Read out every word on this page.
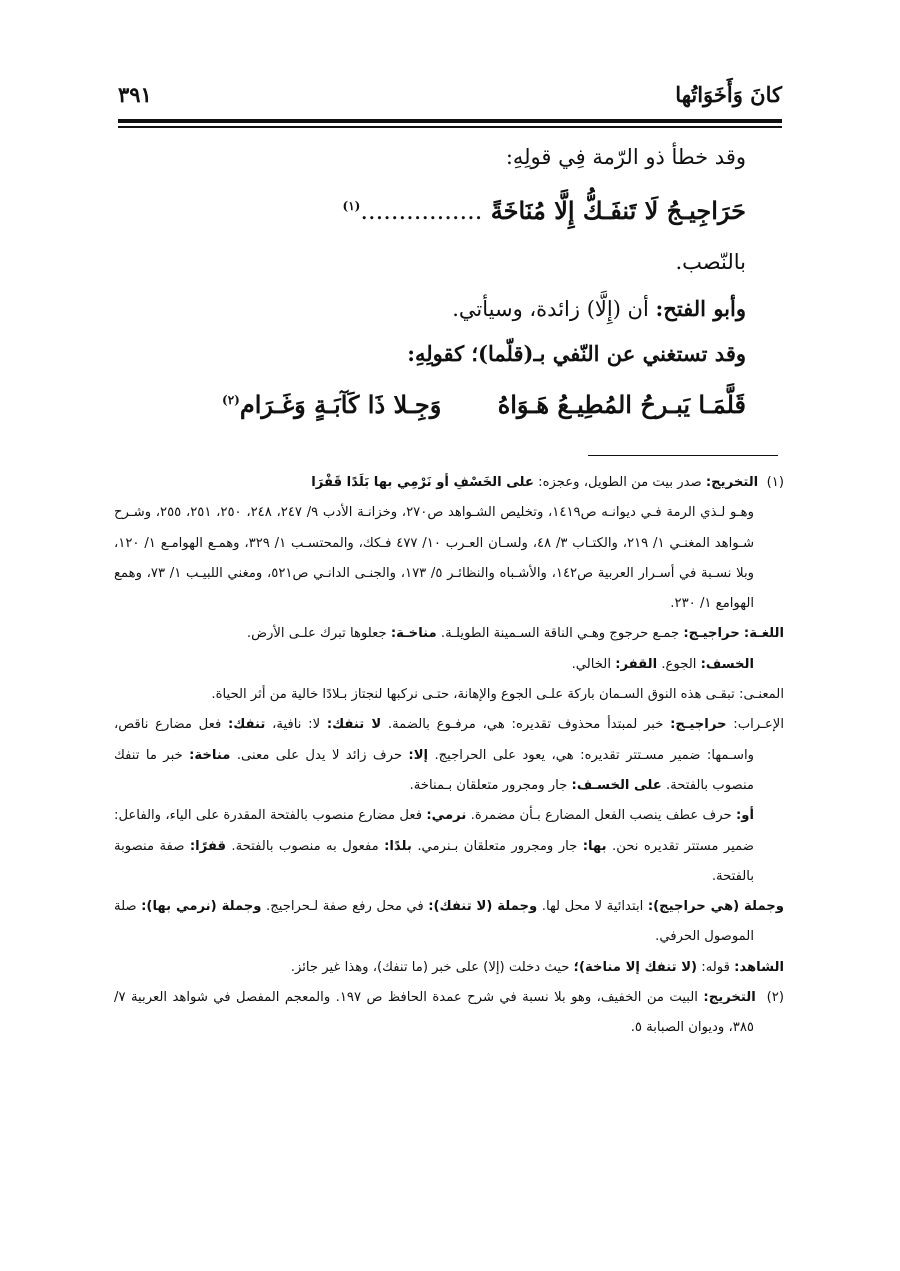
كانَ وَأَخَوَاتُها
٣٩١
وقد خطأ ذو الرّمة فِي قولِهِ:
حَرَاجِيـجُ لَا تَنفَـكُّ إِلَّا مُنَاخَةً ................$^{(١)}$
بالنّصب.
وأبو الفتح: أن (إِلَّا) زائدة، وسيأتي.
وقد تستغني عن النّفي بـ(قلّما)؛ كقولِهِ:
قَلَّمَـا يَبـرحُ المُطِيـعُ هَـوَاهُ
وَجِـلا ذَا كَآبَـةٍ وَغَـرَام$^{(٢)}$

(١)  التخريج: صدر بيت من الطويل، وعجزه: على الخَسْفِ أو نَرْمِي بها بَلَدًا قَفْرَا

وهـو لـذي الرمة فـي ديوانـه ص١٤١٩، وتخليص الشـواهد ص٢٧٠، وخزانـة الأدب ٩/ ٢٤٧، ٢٤٨، ٢٥٠، ٢٥١، ٢٥٥، وشـرح شـواهد المغنـي ١/ ٢١٩، والكتـاب ٣/ ٤٨، ولسـان العـرب ١٠/ ٤٧٧ فـكك، والمحتسـب ١/ ٣٢٩، وهمـع الهوامـع ١/ ١٢٠، وبلا نسـبة في أسـرار العربية ص١٤٢، والأشـباه والنظائـر ٥/ ١٧٣، والجنـى الدانـي ص٥٢١، ومغني اللبيـب ١/ ٧٣، وهمع الهوامع ١/ ٢٣٠.

اللغـة: حراجيـج: جمـع حرجوج وهـي الناقة السـمينة الطويلـة. مناخـة: جعلوها تبرك علـى الأرض.
الخسف: الجوع. القفر: الخالي.

المعنـى: تبقـى هذه النوق السـمان باركة علـى الجوع والإهانة، حتـى نركبها لنجتاز بـلادًا خالية من أثر الحياة.

الإعـراب: حراجيـج: خبر لمبتدأ محذوف تقديره: هي، مرفـوع بالضمة. لا تنفك: لا: نافية، تنفك: فعل مضارع ناقص، واسـمها: ضمير مسـتتر تقديره: هي، يعود على الحراجيج. إلا: حرف زائد لا يدل على معنى. مناخة: خبر ما تنفك منصوب بالفتحة. على الخسـف: جار ومجرور متعلقان بـمناخة.
أو: حرف عطف ينصب الفعل المضارع بـأن مضمرة. نرمي: فعل مضارع منصوب بالفتحة المقدرة على الياء، والفاعل: ضمير مستتر تقديره نحن. بها: جار ومجرور متعلقان بـنرمي. بلدًا: مفعول به منصوب بالفتحة. قفرًا: صفة منصوبة بالفتحة.

وجملة (هي حراجيج): ابتدائية لا محل لها. وجملة (لا تنفك): في محل رفع صفة لـحراجيج. وجملة (نرمي بها): صلة الموصول الحرفي.

الشاهد: قوله: (لا تنفك إلا مناخة)؛ حيث دخلت (إلا) على خبر (ما تنفك)، وهذا غير جائز.

(٢)  التخريج: البيت من الخفيف، وهو بلا نسبة في شرح عمدة الحافظ ص ١٩٧. والمعجم المفصل في شواهد العربية ٧/ ٣٨٥، وديوان الصبابة ٥.
